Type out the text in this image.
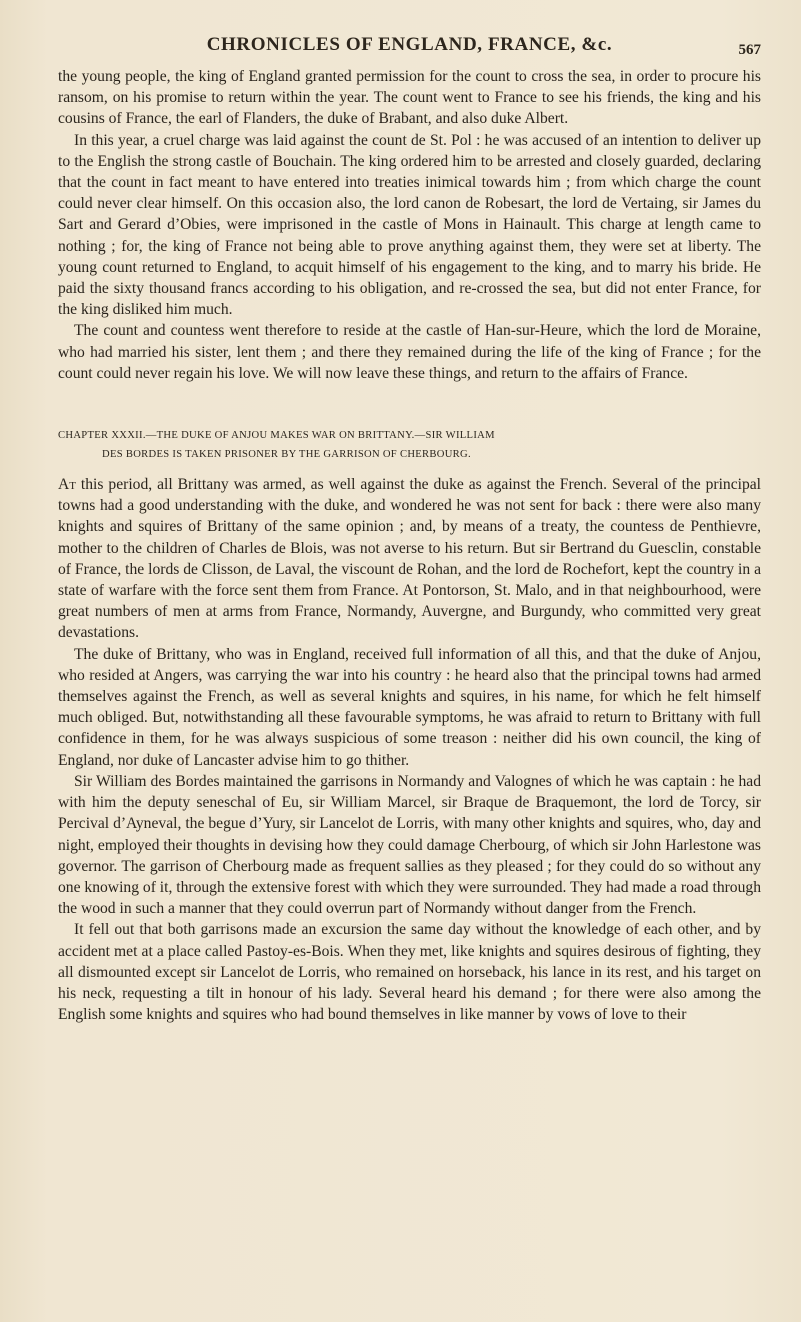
CHRONICLES OF ENGLAND, FRANCE, &c.	567

the young people, the king of England granted permission for the count to cross the sea, in order to procure his ransom, on his promise to return within the year. The count went to France to see his friends, the king and his cousins of France, the earl of Flanders, the duke of Brabant, and also duke Albert.

In this year, a cruel charge was laid against the count de St. Pol : he was accused of an intention to deliver up to the English the strong castle of Bouchain. The king ordered him to be arrested and closely guarded, declaring that the count in fact meant to have entered into treaties inimical towards him ; from which charge the count could never clear himself. On this occasion also, the lord canon de Robesart, the lord de Vertaing, sir James du Sart and Gerard d’Obies, were imprisoned in the castle of Mons in Hainault. This charge at length came to nothing ; for, the king of France not being able to prove anything against them, they were set at liberty. The young count returned to England, to acquit himself of his engagement to the king, and to marry his bride. He paid the sixty thousand francs according to his obligation, and re-crossed the sea, but did not enter France, for the king disliked him much.

The count and countess went therefore to reside at the castle of Han-sur-Heure, which the lord de Moraine, who had married his sister, lent them ; and there they remained during the life of the king of France ; for the count could never regain his love. We will now leave these things, and return to the affairs of France.

CHAPTER XXXII.—THE DUKE OF ANJOU MAKES WAR ON BRITTANY.—SIR WILLIAM
DES BORDES IS TAKEN PRISONER BY THE GARRISON OF CHERBOURG.

At this period, all Brittany was armed, as well against the duke as against the French. Several of the principal towns had a good understanding with the duke, and wondered he was not sent for back : there were also many knights and squires of Brittany of the same opinion ; and, by means of a treaty, the countess de Penthievre, mother to the children of Charles de Blois, was not averse to his return. But sir Bertrand du Guesclin, constable of France, the lords de Clisson, de Laval, the viscount de Rohan, and the lord de Rochefort, kept the country in a state of warfare with the force sent them from France. At Pontorson, St. Malo, and in that neighbourhood, were great numbers of men at arms from France, Normandy, Auvergne, and Burgundy, who committed very great devastations.

The duke of Brittany, who was in England, received full information of all this, and that the duke of Anjou, who resided at Angers, was carrying the war into his country : he heard also that the principal towns had armed themselves against the French, as well as several knights and squires, in his name, for which he felt himself much obliged. But, notwithstanding all these favourable symptoms, he was afraid to return to Brittany with full confidence in them, for he was always suspicious of some treason : neither did his own council, the king of England, nor duke of Lancaster advise him to go thither.

Sir William des Bordes maintained the garrisons in Normandy and Valognes of which he was captain : he had with him the deputy seneschal of Eu, sir William Marcel, sir Braque de Braquemont, the lord de Torcy, sir Percival d’Ayneval, the begue d’Yury, sir Lancelot de Lorris, with many other knights and squires, who, day and night, employed their thoughts in devising how they could damage Cherbourg, of which sir John Harlestone was governor. The garrison of Cherbourg made as frequent sallies as they pleased ; for they could do so without any one knowing of it, through the extensive forest with which they were surrounded. They had made a road through the wood in such a manner that they could overrun part of Normandy without danger from the French.

It fell out that both garrisons made an excursion the same day without the knowledge of each other, and by accident met at a place called Pastoy-es-Bois. When they met, like knights and squires desirous of fighting, they all dismounted except sir Lancelot de Lorris, who remained on horseback, his lance in its rest, and his target on his neck, requesting a tilt in honour of his lady. Several heard his demand ; for there were also among the English some knights and squires who had bound themselves in like manner by vows of love to their
